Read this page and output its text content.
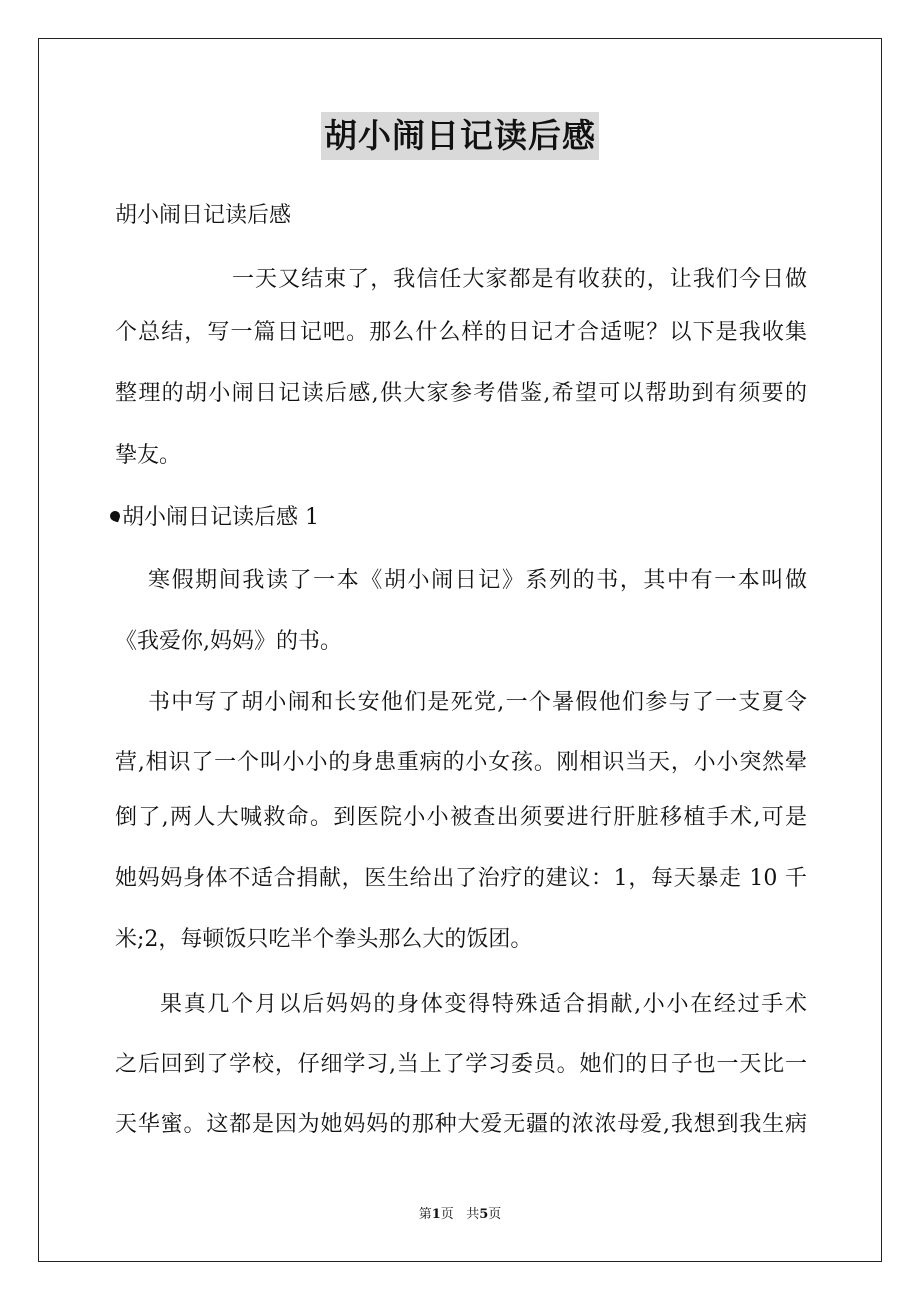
胡小闹日记读后感
胡小闹日记读后感
一天又结束了，我信任大家都是有收获的，让我们今日做
个总结，写一篇日记吧。那么什么样的日记才合适呢？以下是我收集
整理的胡小闹日记读后感,供大家参考借鉴,希望可以帮助到有须要的
挚友。
胡小闹日记读后感 1
寒假期间我读了一本《胡小闹日记》系列的书，其中有一本叫做
《我爱你,妈妈》的书。
书中写了胡小闹和长安他们是死党,一个暑假他们参与了一支夏令
营,相识了一个叫小小的身患重病的小女孩。刚相识当天，小小突然晕
倒了,两人大喊救命。到医院小小被查出须要进行肝脏移植手术,可是
她妈妈身体不适合捐献，医生给出了治疗的建议：1，每天暴走 10 千
米;2，每顿饭只吃半个拳头那么大的饭团。
果真几个月以后妈妈的身体变得特殊适合捐献,小小在经过手术
之后回到了学校，仔细学习,当上了学习委员。她们的日子也一天比一
天华蜜。这都是因为她妈妈的那种大爱无疆的浓浓母爱,我想到我生病
第1页 共5页
